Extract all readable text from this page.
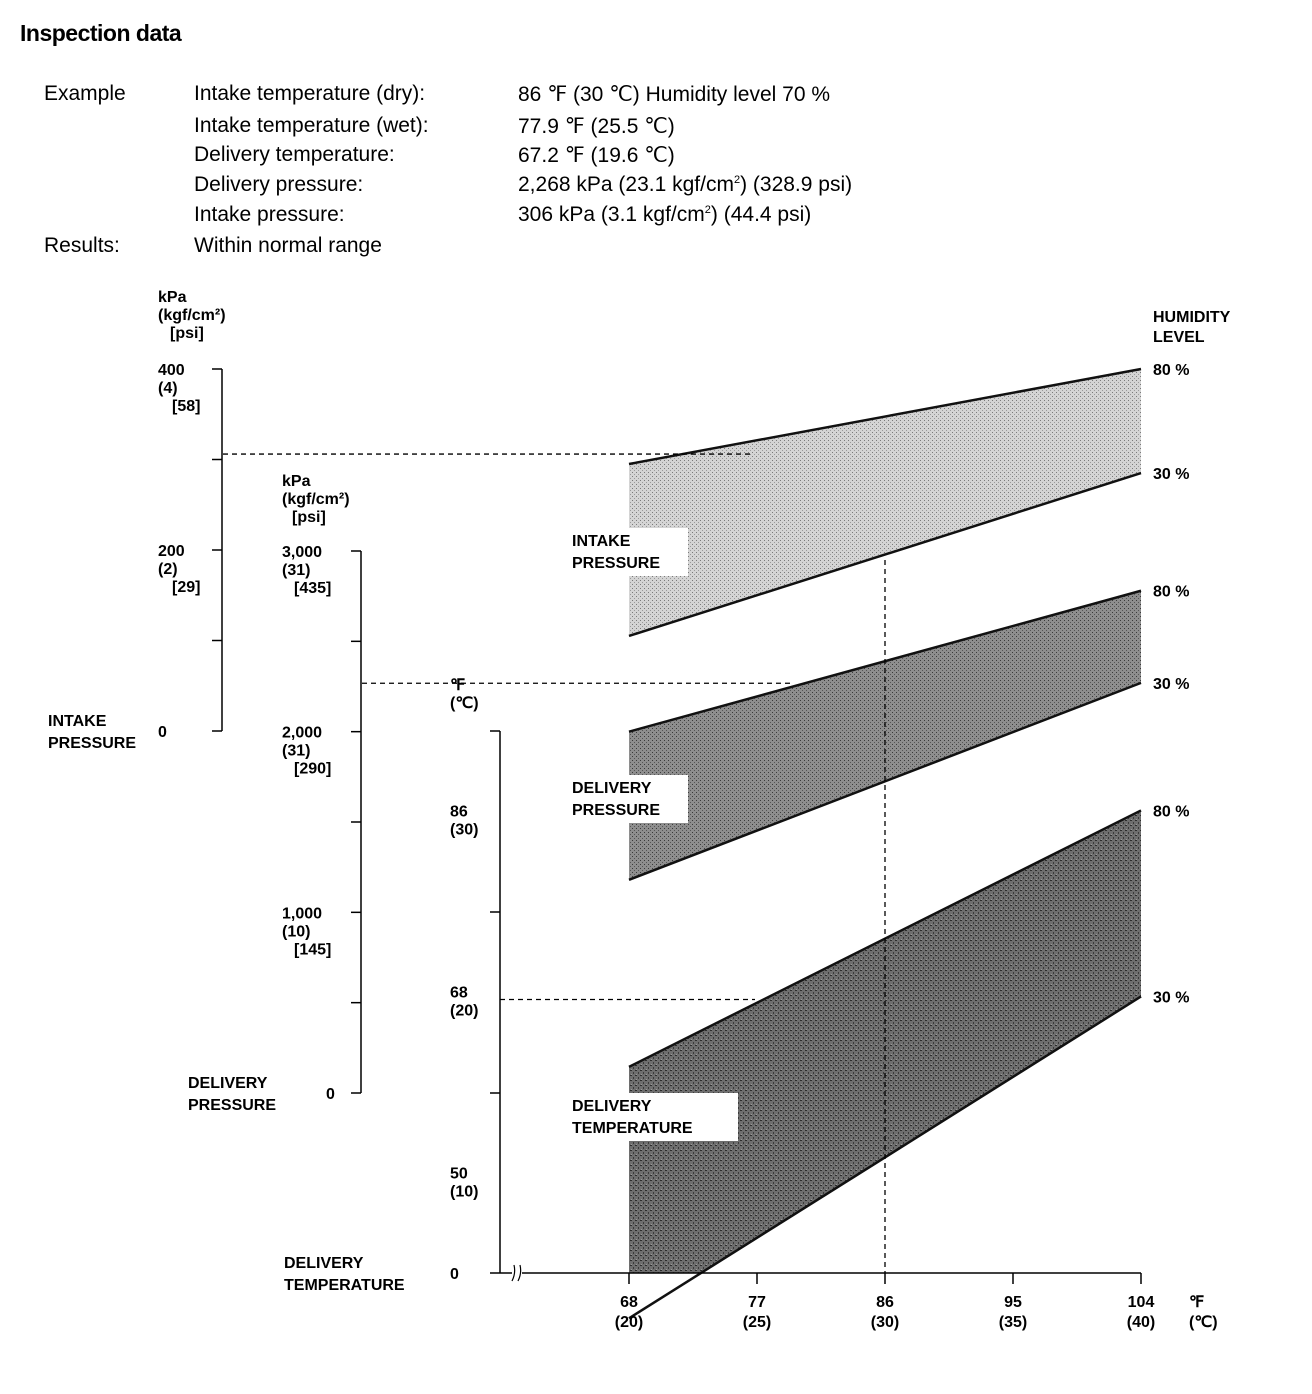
Inspection data
Example	Intake temperature (dry):	86 ℉ (30 ℃) Humidity level 70 %
Intake temperature (wet):	77.9 ℉ (25.5 ℃)
Delivery temperature:	67.2 ℉ (19.6 ℃)
Delivery pressure:	2,268 kPa (23.1 kgf/$cm^2$) (328.9 psi)
Intake pressure:	306 kPa (3.1 kgf/$cm^2$) (44.4 psi)
Results:	Within normal range
80 %
30 %
80 %
30 %
80 %
30 %
INTAKE
PRESSURE
DELIVERY
PRESSURE
DELIVERY
TEMPERATURE
kPa
(kgf/cm²)
[psi]
400
(4)
[58]
200
(2)
[29]
0
INTAKE
PRESSURE
kPa
(kgf/cm²)
[psi]
3,000
(31)
[435]
2,000
(31)
[290]
1,000
(10)
[145]
0
DELIVERY
PRESSURE
℉
(℃)
86
(30)
68
(20)
50
(10)
0
DELIVERY
TEMPERATURE
68
(20)
77
(25)
86
(30)
95
(35)
104
(40)
℉
(℃)
HUMIDITY
LEVEL
